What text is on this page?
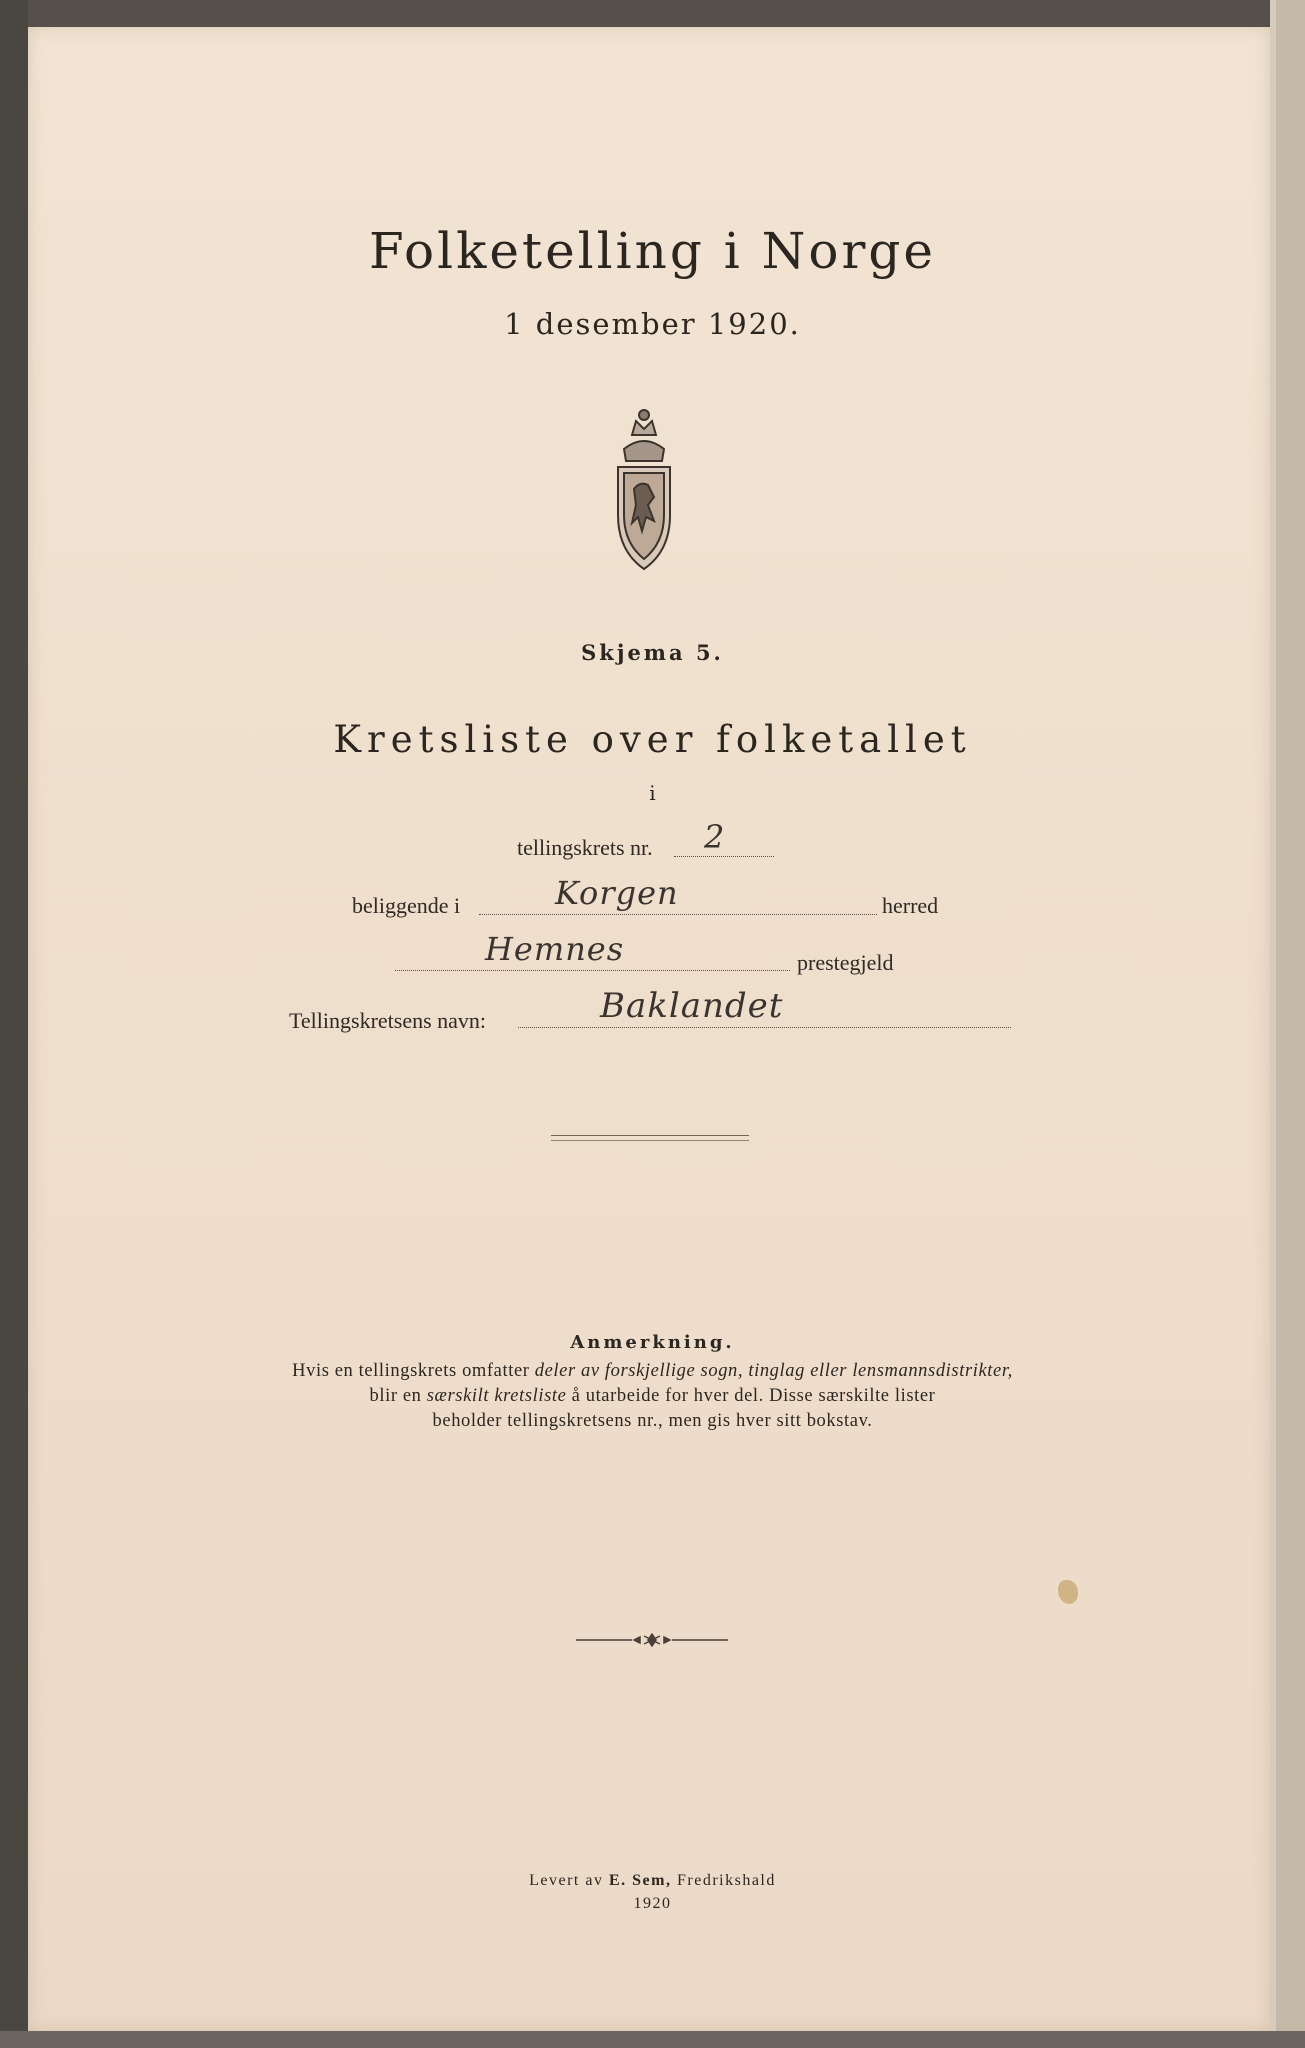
Folketelling i Norge
1 desember 1920.
Skjema 5.
Kretsliste over folketallet
i
tellingskrets nr. 2
beliggende i	Korgen	herred
Hemnes	prestegjeld
Tellingskretsens navn:	Baklandet
Anmerkning.
Hvis en tellingskrets omfatter deler av forskjellige sogn, tinglag eller lensmannsdistrikter,
blir en særskilt kretsliste å utarbeide for hver del. Disse særskilte lister
beholder tellingskretsens nr., men gis hver sitt bokstav.
Levert av E. Sem, Fredrikshald
1920
